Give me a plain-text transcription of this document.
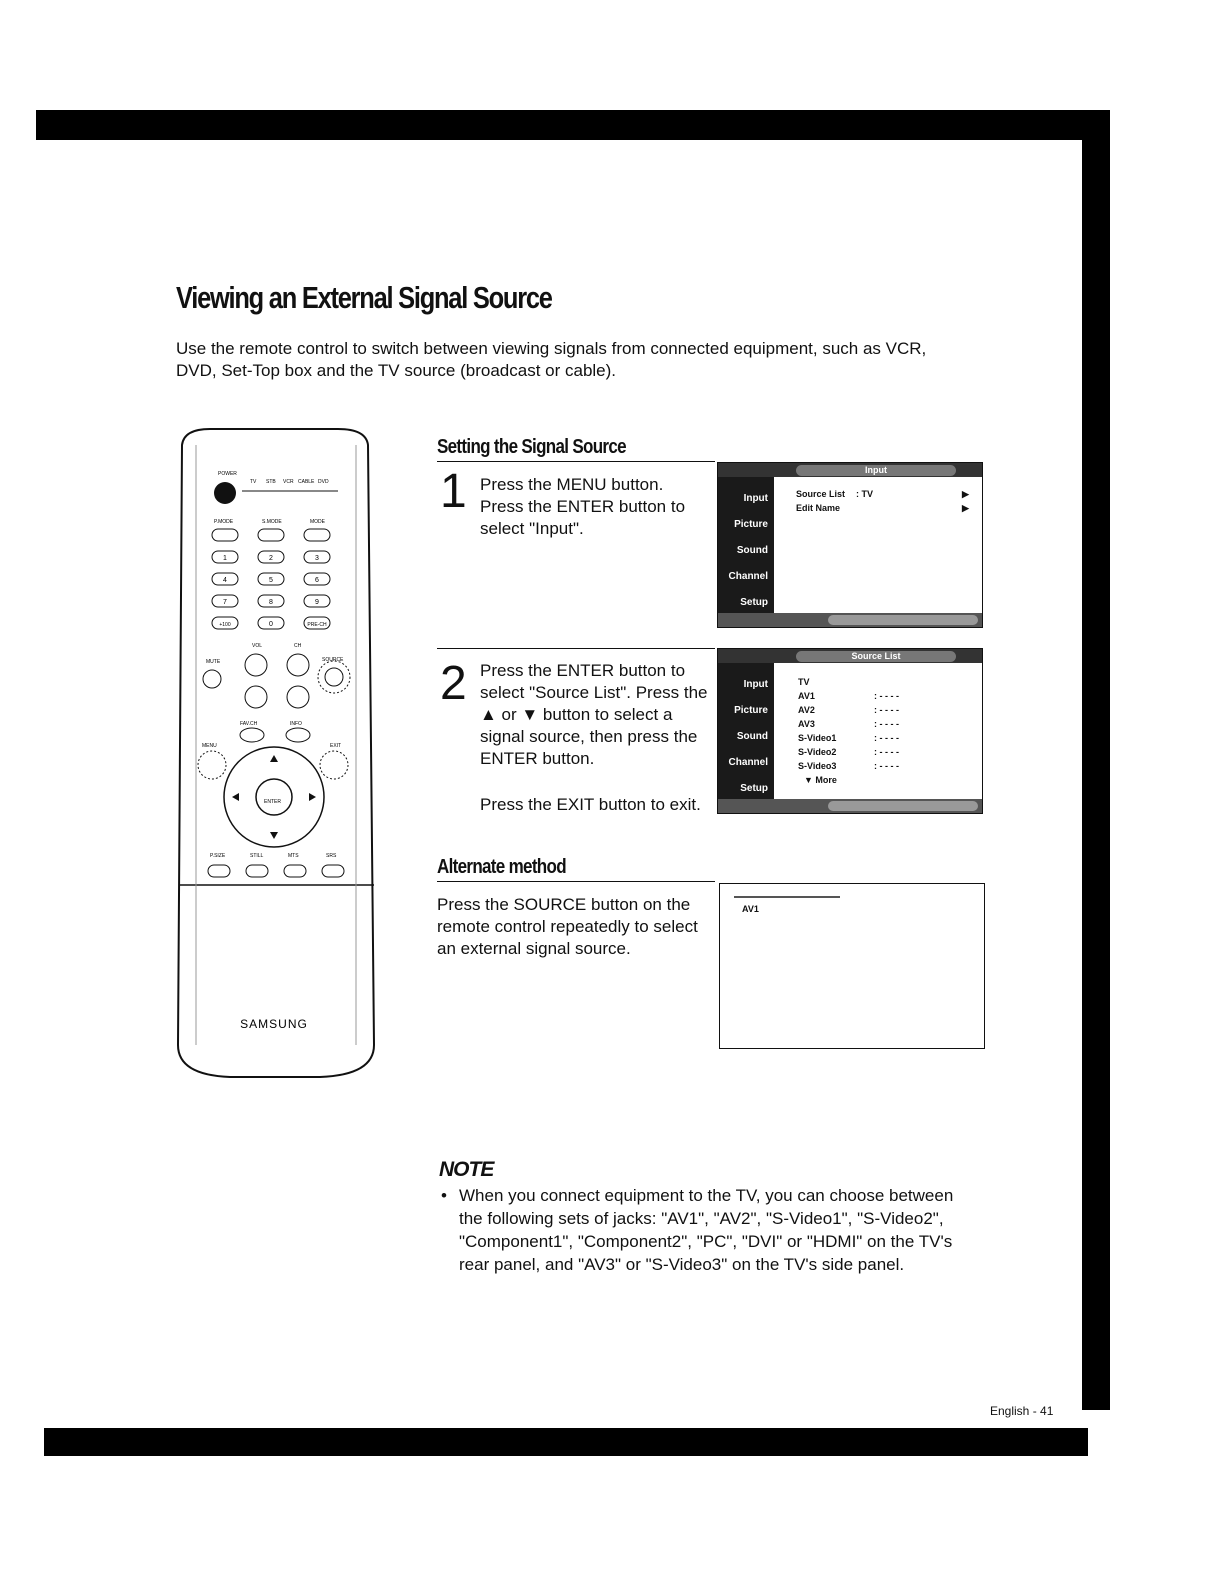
Viewing an External Signal Source
Use the remote control to switch between viewing signals from connected equipment, such as VCR, DVD, Set-Top box and the TV source (broadcast or cable).
POWER
TV STB VCR CABLE DVD
P.MODE	S.MODE	MODE
1	2	3
4	5	6
7	8	9
+100	0	PRE-CH
VOL	CH
MUTE	SOURCE
FAV.CH	INFO
MENU	EXIT
ENTER
P.SIZE	STILL	MTS	SRS
SAMSUNG
Setting the Signal Source
1 Press the MENU button. Press the ENTER button to select "Input".
2 Press the ENTER button to select "Source List". Press the ▲ or ▼ button to select a signal source, then press the ENTER button.
Press the EXIT button to exit.
Input
Input
Picture
Sound
Channel
Setup
Source List : TV	▶
Edit Name	▶
Source List
Input
Picture
Sound
Channel
Setup
TV
AV1	: - - - -
AV2	: - - - -
AV3	: - - - -
S-Video1	: - - - -
S-Video2	: - - - -
S-Video3	: - - - -
▼ More
Alternate method
Press the SOURCE button on the remote control repeatedly to select an external signal source.
AV1
NOTE
• When you connect equipment to the TV, you can choose between the following sets of jacks: "AV1", "AV2", "S-Video1", "S-Video2", "Component1", "Component2", "PC", "DVI" or "HDMI" on the TV's rear panel, and "AV3" or "S-Video3" on the TV's side panel.
English - 41
